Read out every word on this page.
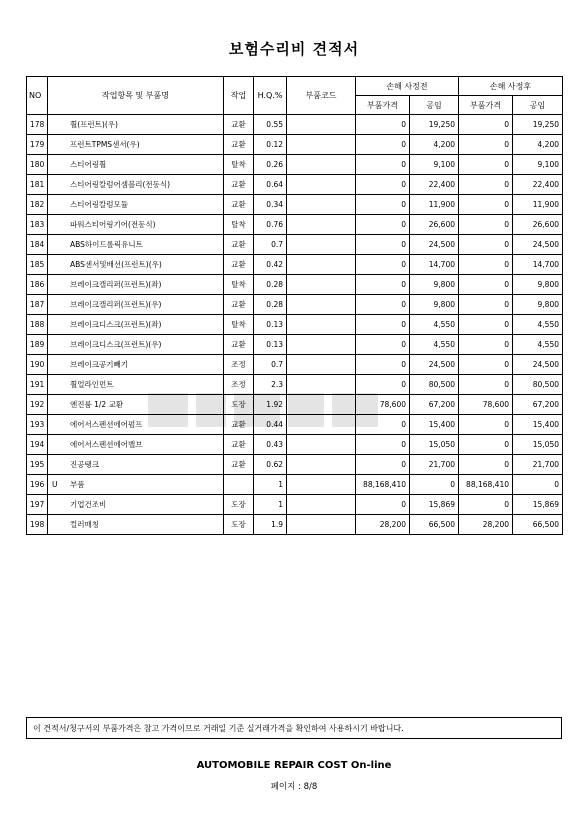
보험수리비 견적서
NO	작업항목 및 부품명	작업	H.Q.%	부품코드	손해 사정전		손해 사정후	
					부품가격	공임	부품가격	공임
178	휠(프런트)(우)	교환	0.55		0	19,250	0	19,250
179	프런트TPMS센서(우)	교환	0.12		0	4,200	0	4,200
180	스티어링휠	탈착	0.26		0	9,100	0	9,100
181	스티어링칼럼어셈블리(전동식)	교환	0.64		0	22,400	0	22,400
182	스티어링칼럼모듈	교환	0.34		0	11,900	0	11,900
183	파워스티어링기어(전동식)	탈착	0.76		0	26,600	0	26,600
184	ABS하이드롤릭유니트	교환	0.7		0	24,500	0	24,500
185	ABS센서및배선(프런트)(우)	교환	0.42		0	14,700	0	14,700
186	브레이크캘리퍼(프런트)(좌)	탈착	0.28		0	9,800	0	9,800
187	브레이크캘리퍼(프런트)(우)	교환	0.28		0	9,800	0	9,800
188	브레이크디스크(프런트)(좌)	탈착	0.13		0	4,550	0	4,550
189	브레이크디스크(프런트)(우)	교환	0.13		0	4,550	0	4,550
190	브레이크공기빼기	조정	0.7		0	24,500	0	24,500
191	휠얼라인먼트	조정	2.3		0	80,500	0	80,500
192	엔진룸 1/2 교환	도장	1.92		78,600	67,200	78,600	67,200
193	에어서스펜션에어펌프	교환	0.44		0	15,400	0	15,400
194	에어서스펜션에어밸브	교환	0.43		0	15,050	0	15,050
195	진공탱크	교환	0.62		0	21,700	0	21,700
196	U 부품		1		88,168,410	0	88,168,410	0
197	기업건조비	도장	1		0	15,869	0	15,869
198	컬러매칭	도장	1.9		28,200	66,500	28,200	66,500
이 견적서/청구서의 부품가격은 참고 가격이므로 거래일 기준 실거래가격을 확인하여 사용하시기 바랍니다.
AUTOMOBILE REPAIR COST On-line
페이지 : 8/8
